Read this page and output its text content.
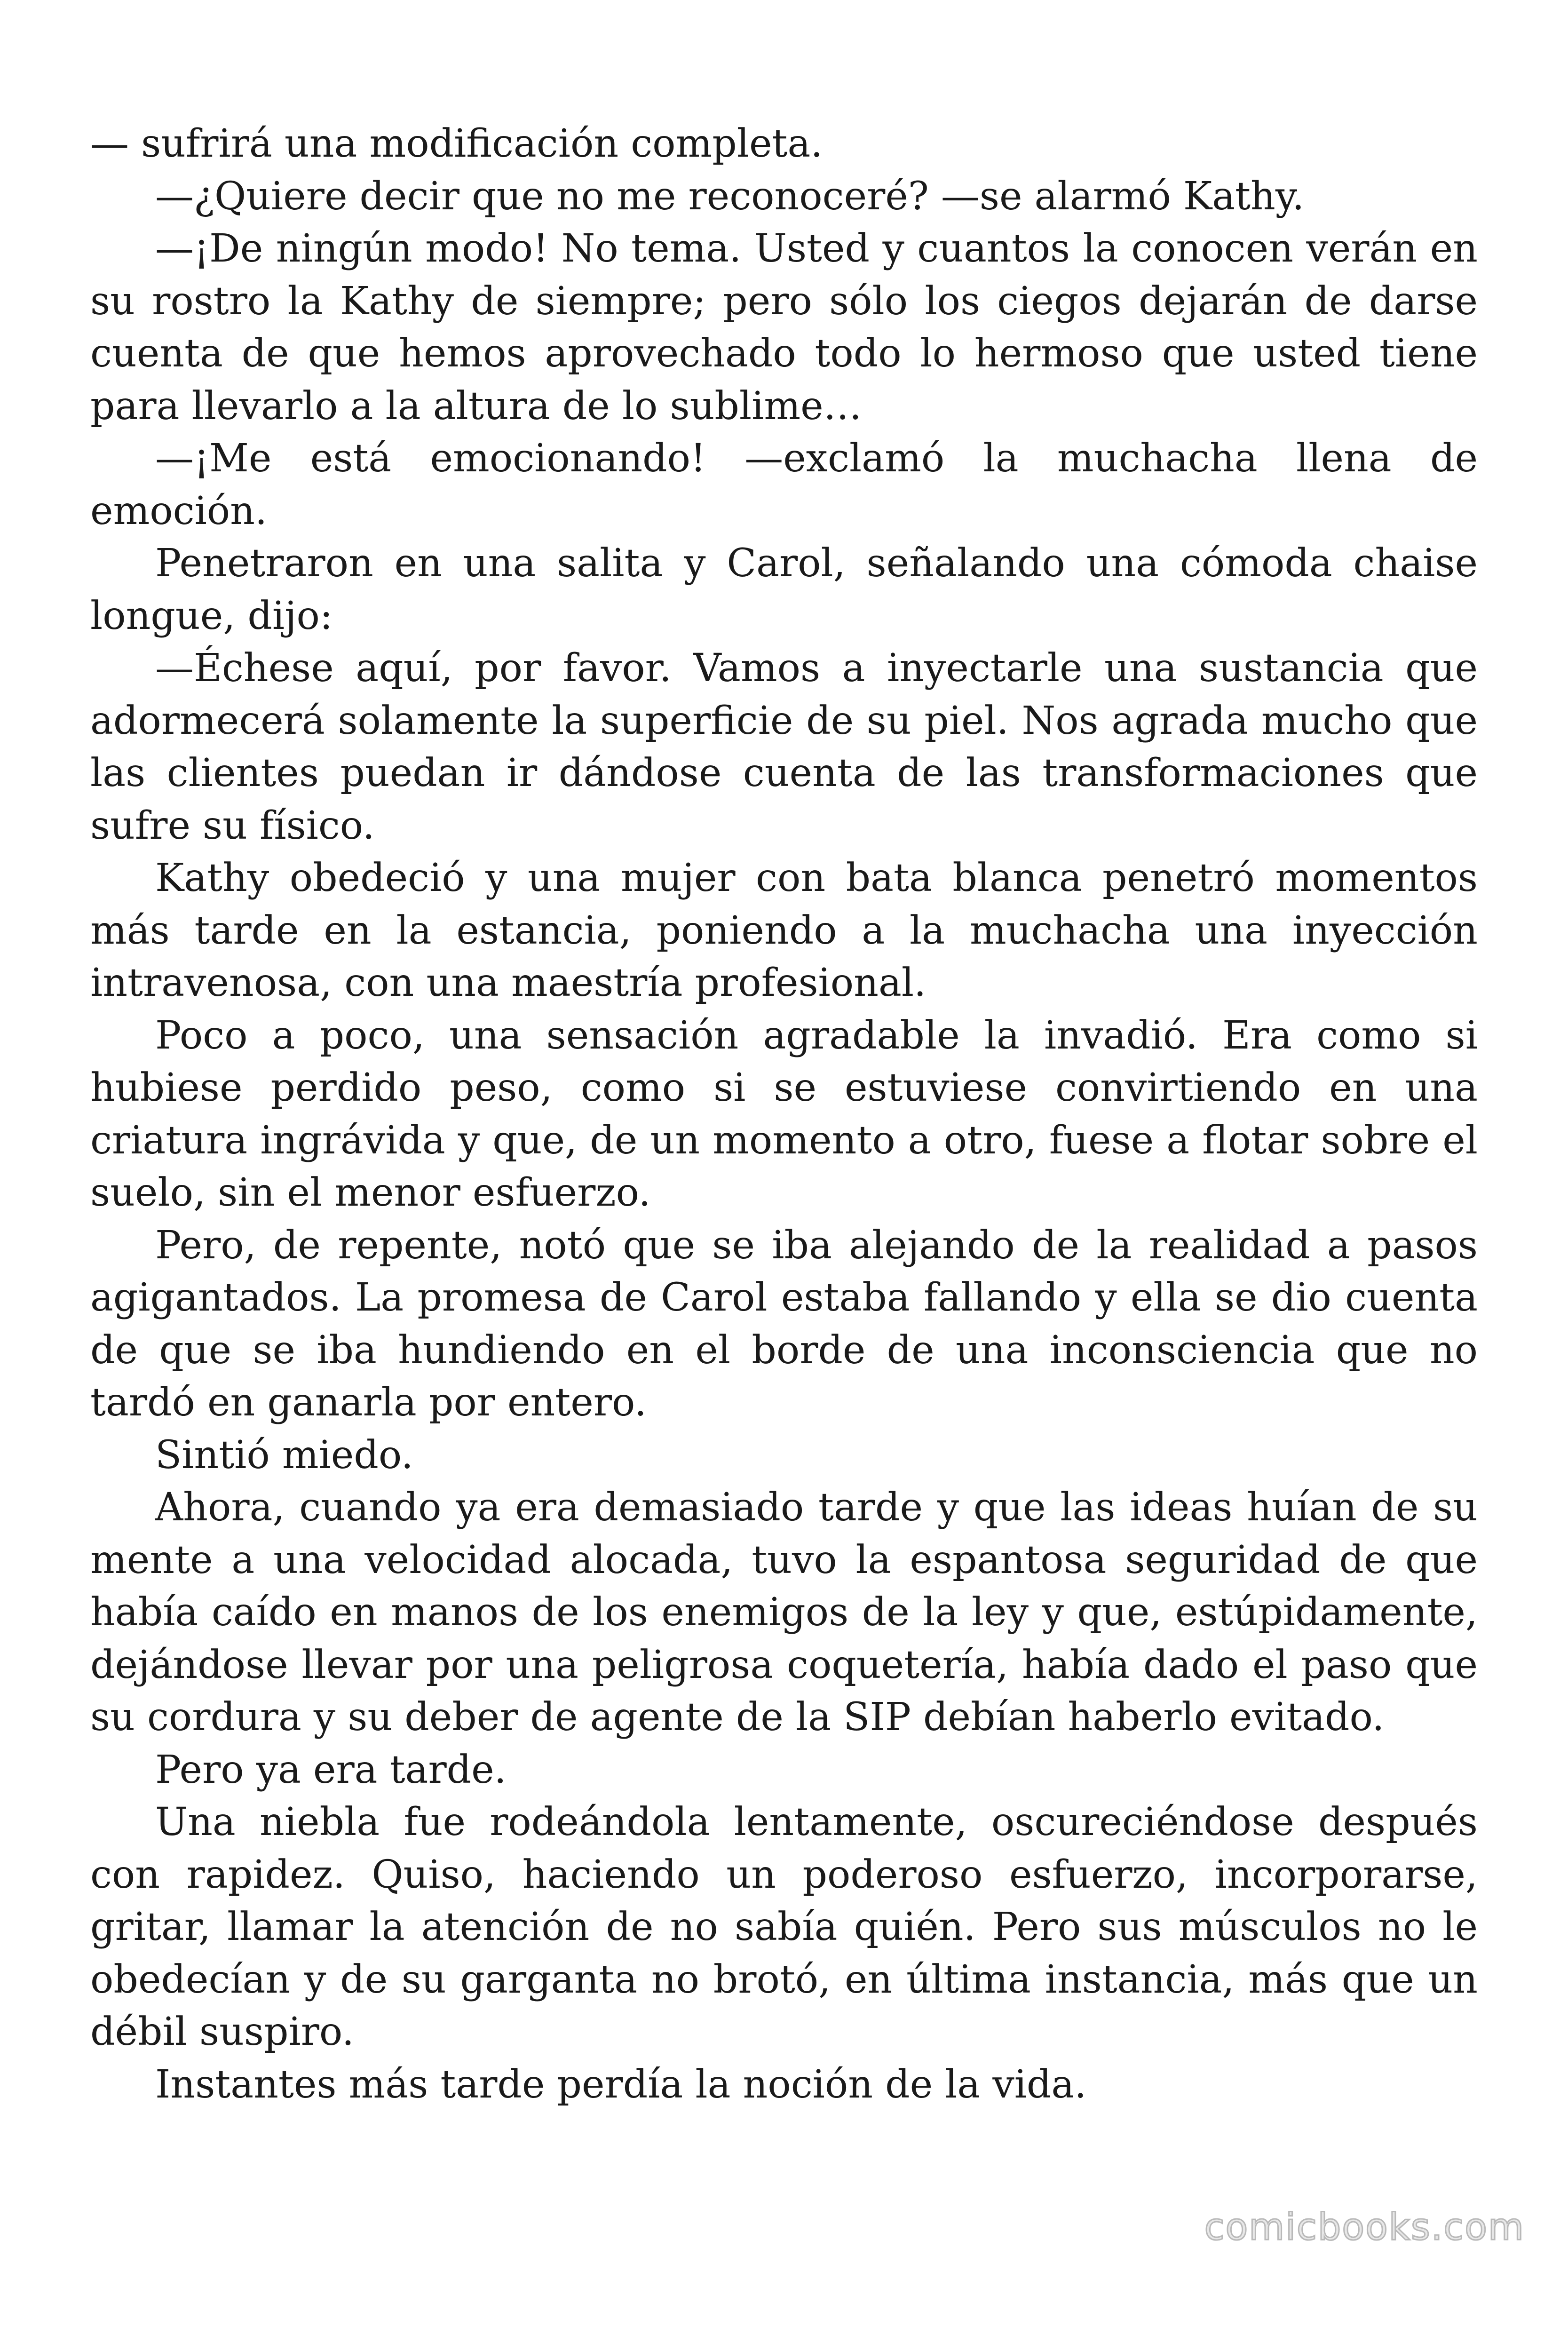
— sufrirá una modificación completa.

—¿Quiere decir que no me reconoceré? —se alarmó Kathy.

—¡De ningún modo! No tema. Usted y cuantos la conocen verán en su rostro la Kathy de siempre; pero sólo los ciegos dejarán de darse cuenta de que hemos aprovechado todo lo hermoso que usted tiene para llevarlo a la altura de lo sublime…

—¡Me está emocionando! —exclamó la muchacha llena de emoción.

Penetraron en una salita y Carol, señalando una cómoda chaise longue, dijo:

—Échese aquí, por favor. Vamos a inyectarle una sustancia que adormecerá solamente la superficie de su piel. Nos agrada mucho que las clientes puedan ir dándose cuenta de las transformaciones que sufre su físico.

Kathy obedeció y una mujer con bata blanca penetró momentos más tarde en la estancia, poniendo a la muchacha una inyección intravenosa, con una maestría profesional.

Poco a poco, una sensación agradable la invadió. Era como si hubiese perdido peso, como si se estuviese convirtiendo en una criatura ingrávida y que, de un momento a otro, fuese a flotar sobre el suelo, sin el menor esfuerzo.

Pero, de repente, notó que se iba alejando de la realidad a pasos agigantados. La promesa de Carol estaba fallando y ella se dio cuenta de que se iba hundiendo en el borde de una inconsciencia que no tardó en ganarla por entero.

Sintió miedo.

Ahora, cuando ya era demasiado tarde y que las ideas huían de su mente a una velocidad alocada, tuvo la espantosa seguridad de que había caído en manos de los enemigos de la ley y que, estúpidamente, dejándose llevar por una peligrosa coquetería, había dado el paso que su cordura y su deber de agente de la SIP debían haberlo evitado.

Pero ya era tarde.

Una niebla fue rodeándola lentamente, oscureciéndose después con rapidez. Quiso, haciendo un poderoso esfuerzo, incorporarse, gritar, llamar la atención de no sabía quién. Pero sus músculos no le obedecían y de su garganta no brotó, en última instancia, más que un débil suspiro.

Instantes más tarde perdía la noción de la vida.

comicbooks.com
